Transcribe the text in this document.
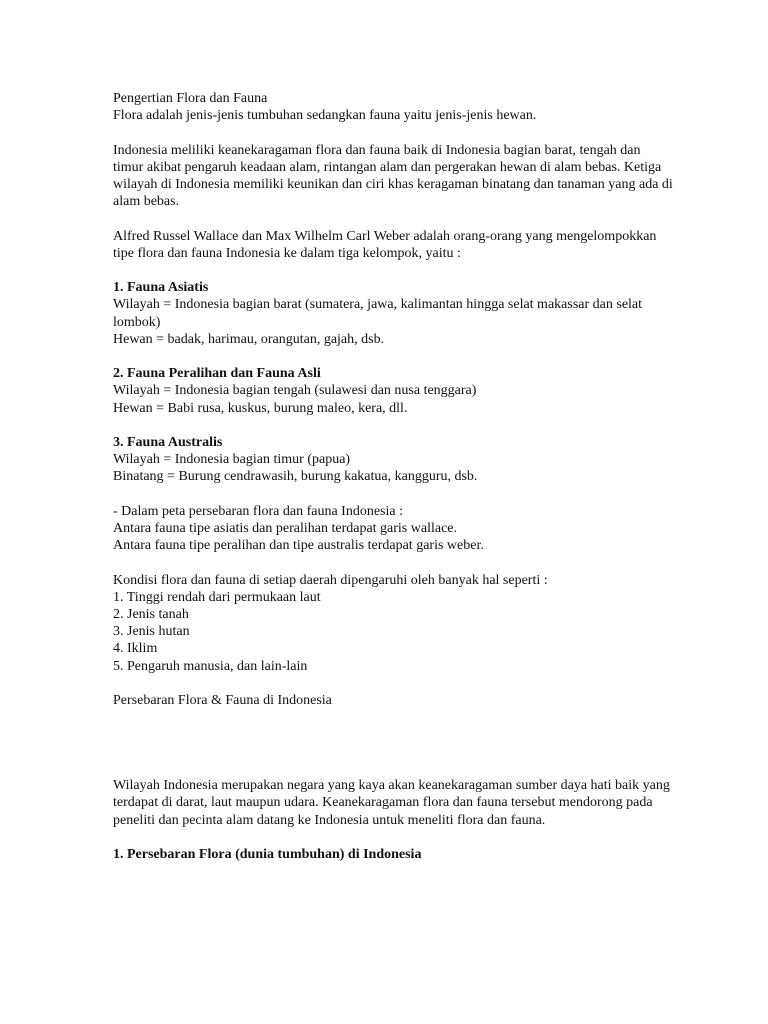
Pengertian Flora dan Fauna

Flora adalah jenis-jenis tumbuhan sedangkan fauna yaitu jenis-jenis hewan.

Indonesia meliliki keanekaragaman flora dan fauna baik di Indonesia bagian barat, tengah dan timur akibat pengaruh keadaan alam, rintangan alam dan pergerakan hewan di alam bebas. Ketiga wilayah di Indonesia memiliki keunikan dan ciri khas keragaman binatang dan tanaman yang ada di alam bebas.

Alfred Russel Wallace dan Max Wilhelm Carl Weber adalah orang-orang yang mengelompokkan tipe flora dan fauna Indonesia ke dalam tiga kelompok, yaitu :

1. Fauna Asiatis

Wilayah = Indonesia bagian barat (sumatera, jawa, kalimantan hingga selat makassar dan selat lombok)

Hewan = badak, harimau, orangutan, gajah, dsb.

2. Fauna Peralihan dan Fauna Asli

Wilayah = Indonesia bagian tengah (sulawesi dan nusa tenggara)

Hewan = Babi rusa, kuskus, burung maleo, kera, dll.

3. Fauna Australis

Wilayah = Indonesia bagian timur (papua)

Binatang = Burung cendrawasih, burung kakatua, kangguru, dsb.

- Dalam peta persebaran flora dan fauna Indonesia :

Antara fauna tipe asiatis dan peralihan terdapat garis wallace.

Antara fauna tipe peralihan dan tipe australis terdapat garis weber.

Kondisi flora dan fauna di setiap daerah dipengaruhi oleh banyak hal seperti :

1. Tinggi rendah dari permukaan laut
2. Jenis tanah
3. Jenis hutan
4. Iklim
5. Pengaruh manusia, dan lain-lain

Persebaran Flora & Fauna di Indonesia

Wilayah Indonesia merupakan negara yang kaya akan keanekaragaman sumber daya hati baik yang terdapat di darat, laut maupun udara. Keanekaragaman flora dan fauna tersebut mendorong pada peneliti dan pecinta alam datang ke Indonesia untuk meneliti flora dan fauna.

1. Persebaran Flora (dunia tumbuhan) di Indonesia
